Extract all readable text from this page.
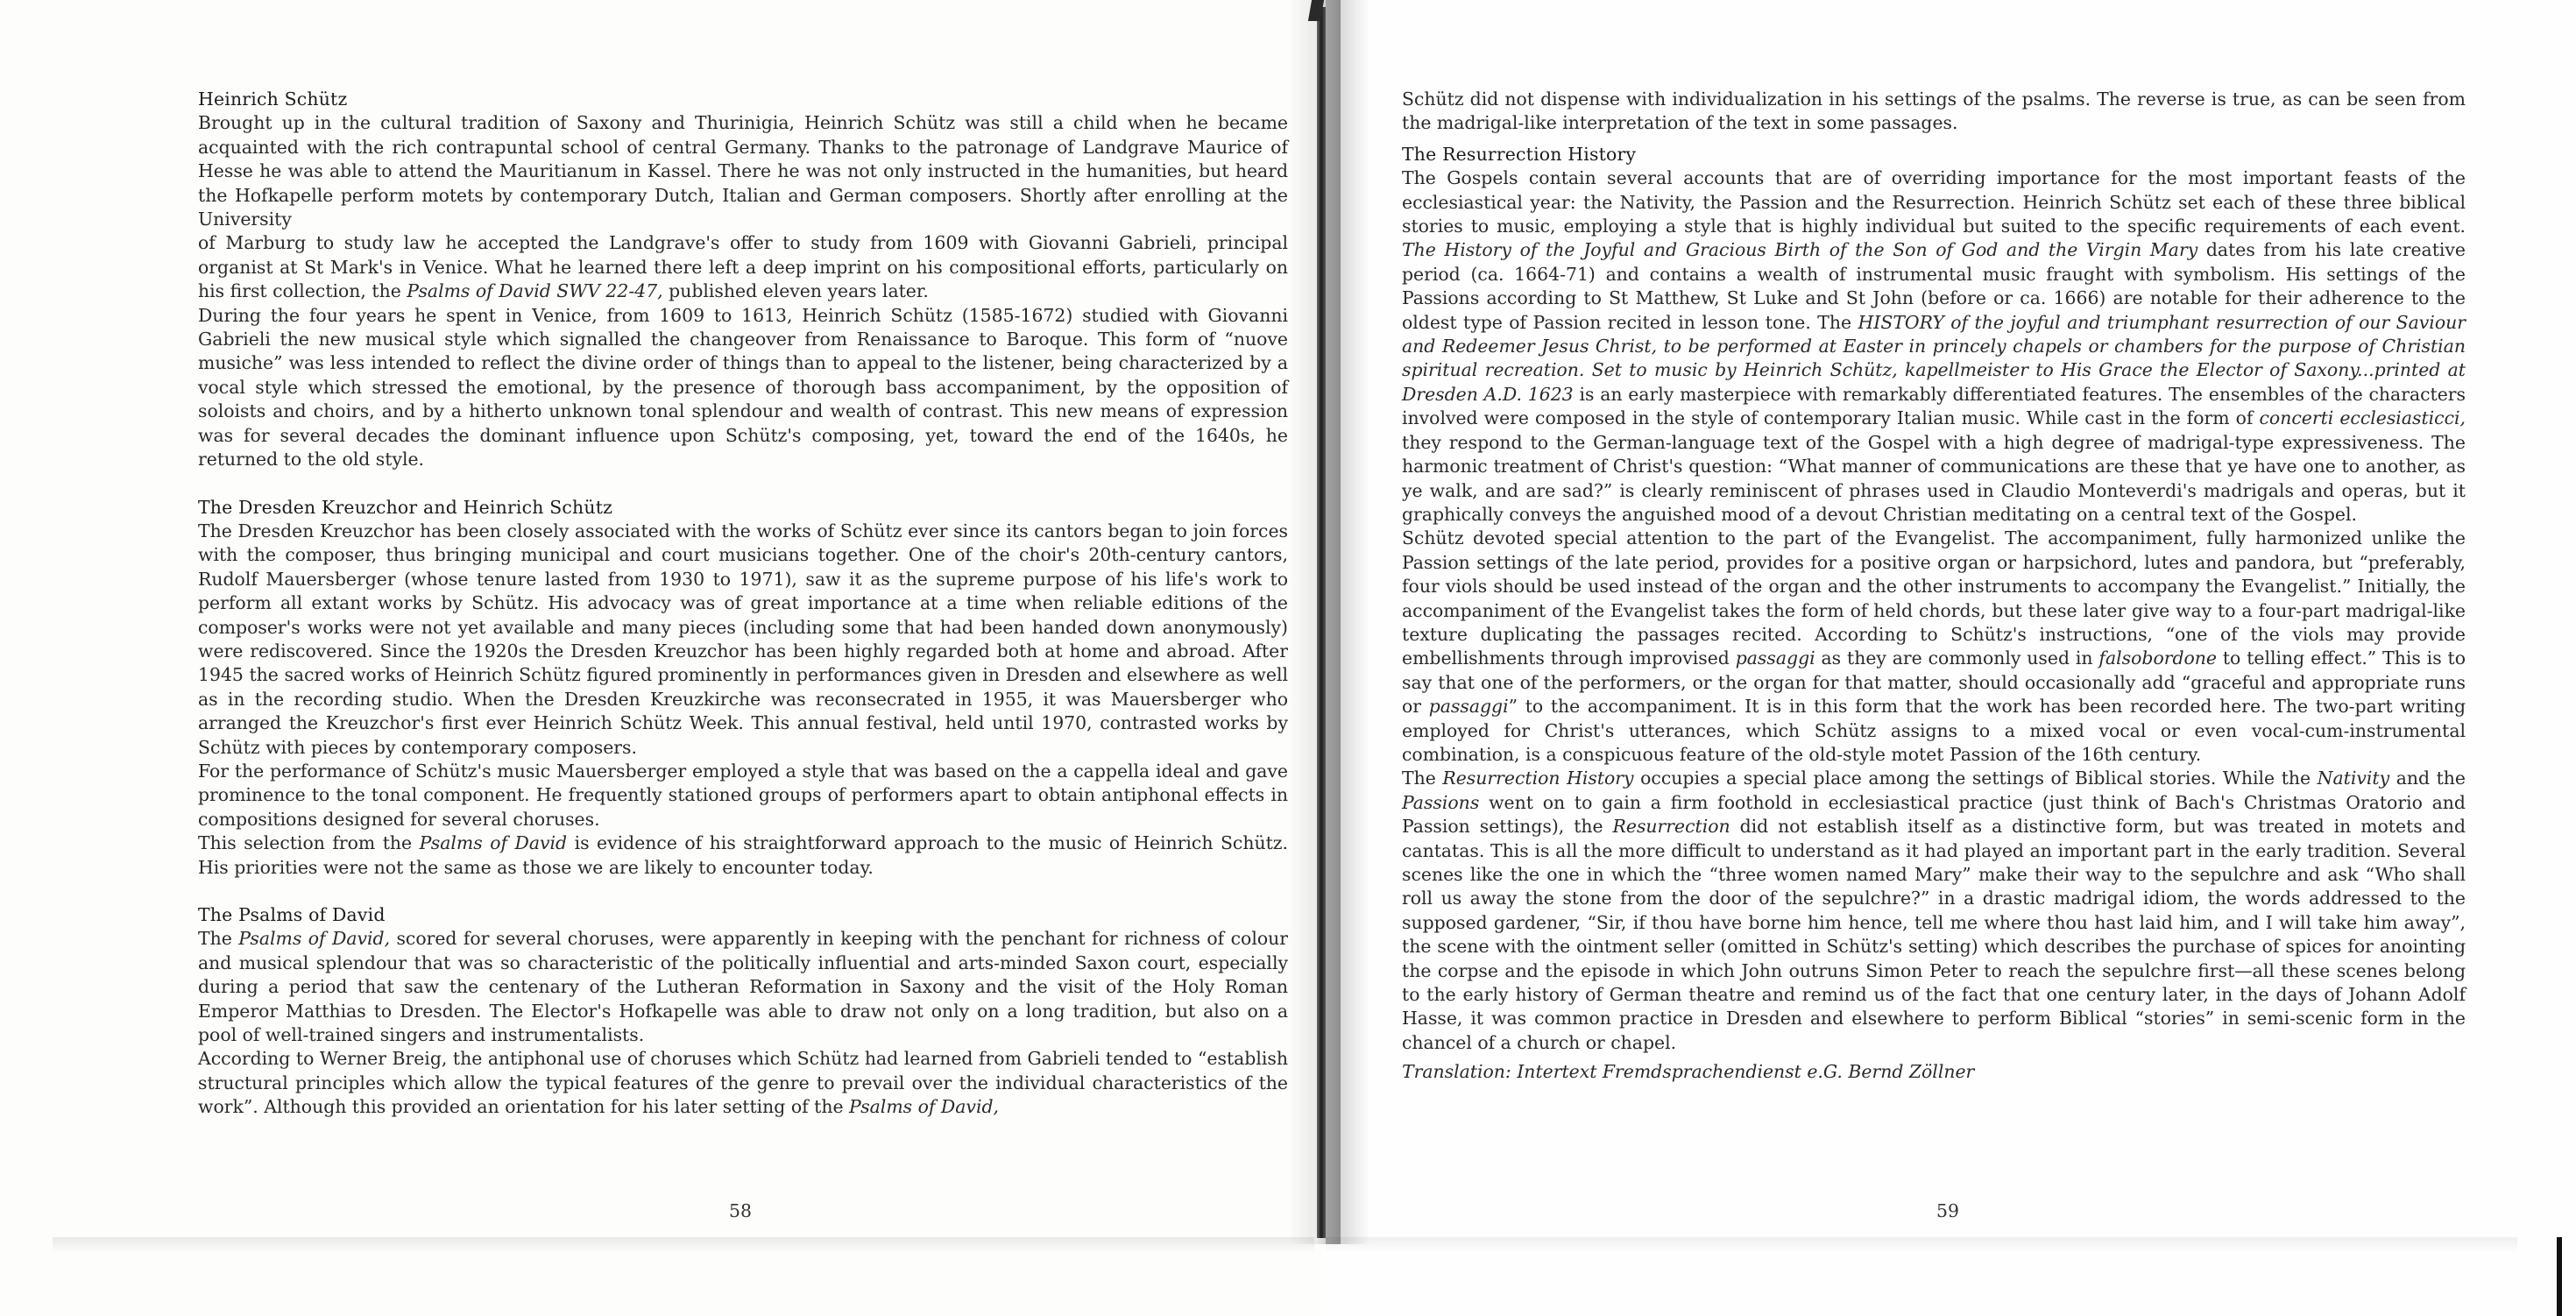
Heinrich Schütz

Brought up in the cultural tradition of Saxony and Thurinigia, Heinrich Schütz was still a child when he became acquainted with the rich contrapuntal school of central Germany. Thanks to the patronage of Landgrave Maurice of Hesse he was able to attend the Mauritianum in Kassel. There he was not only instructed in the humanities, but heard the Hofkapelle perform motets by contemporary Dutch, Italian and German composers. Shortly after enrolling at the University

of Marburg to study law he accepted the Landgrave's offer to study from 1609 with Giovanni Gabrieli, principal organist at St Mark's in Venice. What he learned there left a deep imprint on his compositional efforts, particularly on his first collection, the Psalms of David SWV 22-47, published eleven years later.

During the four years he spent in Venice, from 1609 to 1613, Heinrich Schütz (1585-1672) studied with Giovanni Gabrieli the new musical style which signalled the changeover from Renaissance to Baroque. This form of “nuove musiche” was less intended to reflect the divine order of things than to appeal to the listener, being characterized by a vocal style which stressed the emotional, by the presence of thorough bass accompaniment, by the opposition of soloists and choirs, and by a hitherto unknown tonal splendour and wealth of contrast. This new means of expression was for several decades the dominant influence upon Schütz's composing, yet, toward the end of the 1640s, he returned to the old style.

The Dresden Kreuzchor and Heinrich Schütz

The Dresden Kreuzchor has been closely associated with the works of Schütz ever since its cantors began to join forces with the composer, thus bringing municipal and court musicians together. One of the choir's 20th-century cantors, Rudolf Mauersberger (whose tenure lasted from 1930 to 1971), saw it as the supreme purpose of his life's work to perform all extant works by Schütz. His advocacy was of great importance at a time when reliable editions of the composer's works were not yet available and many pieces (including some that had been handed down anonymously) were rediscovered. Since the 1920s the Dresden Kreuzchor has been highly regarded both at home and abroad. After 1945 the sacred works of Heinrich Schütz figured prominently in performances given in Dresden and elsewhere as well as in the recording studio. When the Dresden Kreuzkirche was reconsecrated in 1955, it was Mauersberger who arranged the Kreuzchor's first ever Heinrich Schütz Week. This annual festival, held until 1970, contrasted works by Schütz with pieces by contemporary composers.

For the performance of Schütz's music Mauersberger employed a style that was based on the a cappella ideal and gave prominence to the tonal component. He frequently stationed groups of performers apart to obtain antiphonal effects in compositions designed for several choruses.

This selection from the Psalms of David is evidence of his straightforward approach to the music of Heinrich Schütz. His priorities were not the same as those we are likely to encounter today.

The Psalms of David

The Psalms of David, scored for several choruses, were apparently in keeping with the penchant for richness of colour and musical splendour that was so characteristic of the politically influential and arts-minded Saxon court, especially during a period that saw the centenary of the Lutheran Reformation in Saxony and the visit of the Holy Roman Emperor Matthias to Dresden. The Elector's Hofkapelle was able to draw not only on a long tradition, but also on a pool of well-trained singers and instrumentalists.

According to Werner Breig, the antiphonal use of choruses which Schütz had learned from Gabrieli tended to “establish structural principles which allow the typical features of the genre to prevail over the individual characteristics of the work”. Although this provided an orientation for his later setting of the Psalms of David,

58

Schütz did not dispense with individualization in his settings of the psalms. The reverse is true, as can be seen from the madrigal-like interpretation of the text in some passages.

The Resurrection History

The Gospels contain several accounts that are of overriding importance for the most important feasts of the ecclesiastical year: the Nativity, the Passion and the Resurrection. Heinrich Schütz set each of these three biblical stories to music, employing a style that is highly individual but suited to the specific requirements of each event. The History of the Joyful and Gracious Birth of the Son of God and the Virgin Mary dates from his late creative period (ca. 1664-71) and contains a wealth of instrumental music fraught with symbolism. His settings of the Passions according to St Matthew, St Luke and St John (before or ca. 1666) are notable for their adherence to the oldest type of Passion recited in lesson tone. The HISTORY of the joyful and triumphant resurrection of our Saviour and Redeemer Jesus Christ, to be performed at Easter in princely chapels or chambers for the purpose of Christian spiritual recreation. Set to music by Heinrich Schütz, kapellmeister to His Grace the Elector of Saxony...printed at Dresden A.D. 1623 is an early masterpiece with remarkably differentiated features. The ensembles of the characters involved were composed in the style of contemporary Italian music. While cast in the form of concerti ecclesiasticci, they respond to the German-language text of the Gospel with a high degree of madrigal-type expressiveness. The harmonic treatment of Christ's question: “What manner of communications are these that ye have one to another, as ye walk, and are sad?” is clearly reminiscent of phrases used in Claudio Monteverdi's madrigals and operas, but it graphically conveys the anguished mood of a devout Christian meditating on a central text of the Gospel.

Schütz devoted special attention to the part of the Evangelist. The accompaniment, fully harmonized unlike the Passion settings of the late period, provides for a positive organ or harpsichord, lutes and pandora, but “preferably, four viols should be used instead of the organ and the other instruments to accompany the Evangelist.” Initially, the accompaniment of the Evangelist takes the form of held chords, but these later give way to a four-part madrigal-like texture duplicating the passages recited. According to Schütz's instructions, “one of the viols may provide embellishments through improvised passaggi as they are commonly used in falsobordone to telling effect.” This is to say that one of the performers, or the organ for that matter, should occasionally add “graceful and appropriate runs or passaggi” to the accompaniment. It is in this form that the work has been recorded here. The two-part writing employed for Christ's utterances, which Schütz assigns to a mixed vocal or even vocal-cum-instrumental combination, is a conspicuous feature of the old-style motet Passion of the 16th century.

The Resurrection History occupies a special place among the settings of Biblical stories. While the Nativity and the Passions went on to gain a firm foothold in ecclesiastical practice (just think of Bach's Christmas Oratorio and Passion settings), the Resurrection did not establish itself as a distinctive form, but was treated in motets and cantatas. This is all the more difficult to understand as it had played an important part in the early tradition. Several scenes like the one in which the “three women named Mary” make their way to the sepulchre and ask “Who shall roll us away the stone from the door of the sepulchre?” in a drastic madrigal idiom, the words addressed to the supposed gardener, “Sir, if thou have borne him hence, tell me where thou hast laid him, and I will take him away”, the scene with the ointment seller (omitted in Schütz's setting) which describes the purchase of spices for anointing the corpse and the episode in which John outruns Simon Peter to reach the sepulchre first—all these scenes belong to the early history of German theatre and remind us of the fact that one century later, in the days of Johann Adolf Hasse, it was common practice in Dresden and elsewhere to perform Biblical “stories” in semi-scenic form in the chancel of a church or chapel.

Translation: Intertext Fremdsprachendienst e.G. Bernd Zöllner

59
